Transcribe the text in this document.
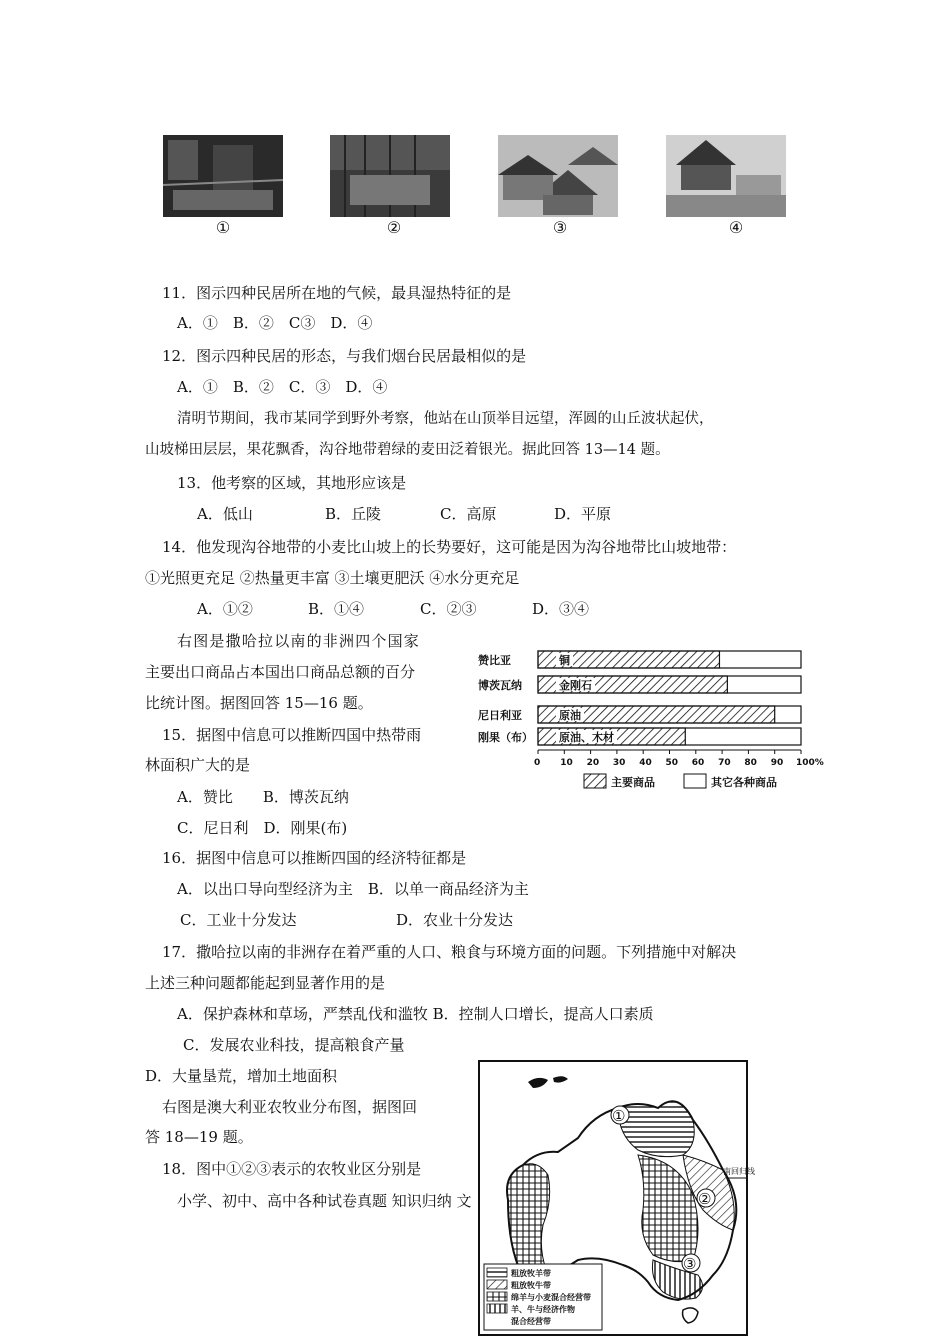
①	②	③	④
11．图示四种民居所在地的气候，最具湿热特征的是
A．①　B．②　C③　D．④
12．图示四种民居的形态，与我们烟台民居最相似的是
A．①　B．②　C．③　D．④
清明节期间，我市某同学到野外考察，他站在山顶举目远望，浑圆的山丘波状起伏，
山坡梯田层层，果花飘香，沟谷地带碧绿的麦田泛着银光。据此回答 13—14 题。
13．他考察的区域，其地形应该是
A．低山	B．丘陵	C．高原	D．平原
14．他发现沟谷地带的小麦比山坡上的长势要好，这可能是因为沟谷地带比山坡地带：
①光照更充足 ②热量更丰富 ③土壤更肥沃 ④水分更充足
A．①②	B．①④	C．②③	D．③④
右图是撒哈拉以南的非洲四个国家
主要出口商品占本国出口商品总额的百分
比统计图。据图回答 15—16 题。
15．据图中信息可以推断四国中热带雨
林面积广大的是
A．赞比　　B．博茨瓦纳
C．尼日利　D．刚果(布)
赞比亚
博茨瓦纳
尼日利亚
刚果（布）
铜
金刚石
原油
原油、木材
0 10 20 30 40 50 60 70 80 90 100%
主要商品	其它各种商品
16．据图中信息可以推断四国的经济特征都是
A．以出口导向型经济为主　B．以单一商品经济为主
C．工业十分发达	D．农业十分发达
17．撒哈拉以南的非洲存在着严重的人口、粮食与环境方面的问题。下列措施中对解决
上述三种问题都能起到显著作用的是
A．保护森林和草场，严禁乱伐和滥牧 B．控制人口增长，提高人口素质
C．发展农业科技，提高粮食产量
D．大量垦荒，增加土地面积
右图是澳大利亚农牧业分布图，据图回
答 18—19 题。
18．图中①②③表示的农牧业区分别是
小学、初中、高中各种试卷真题 知识归纳 文
南回归线
①
②
③
粗放牧羊带
粗放牧牛带
绵羊与小麦混合经营带
羊、牛与经济作物
混合经营带
